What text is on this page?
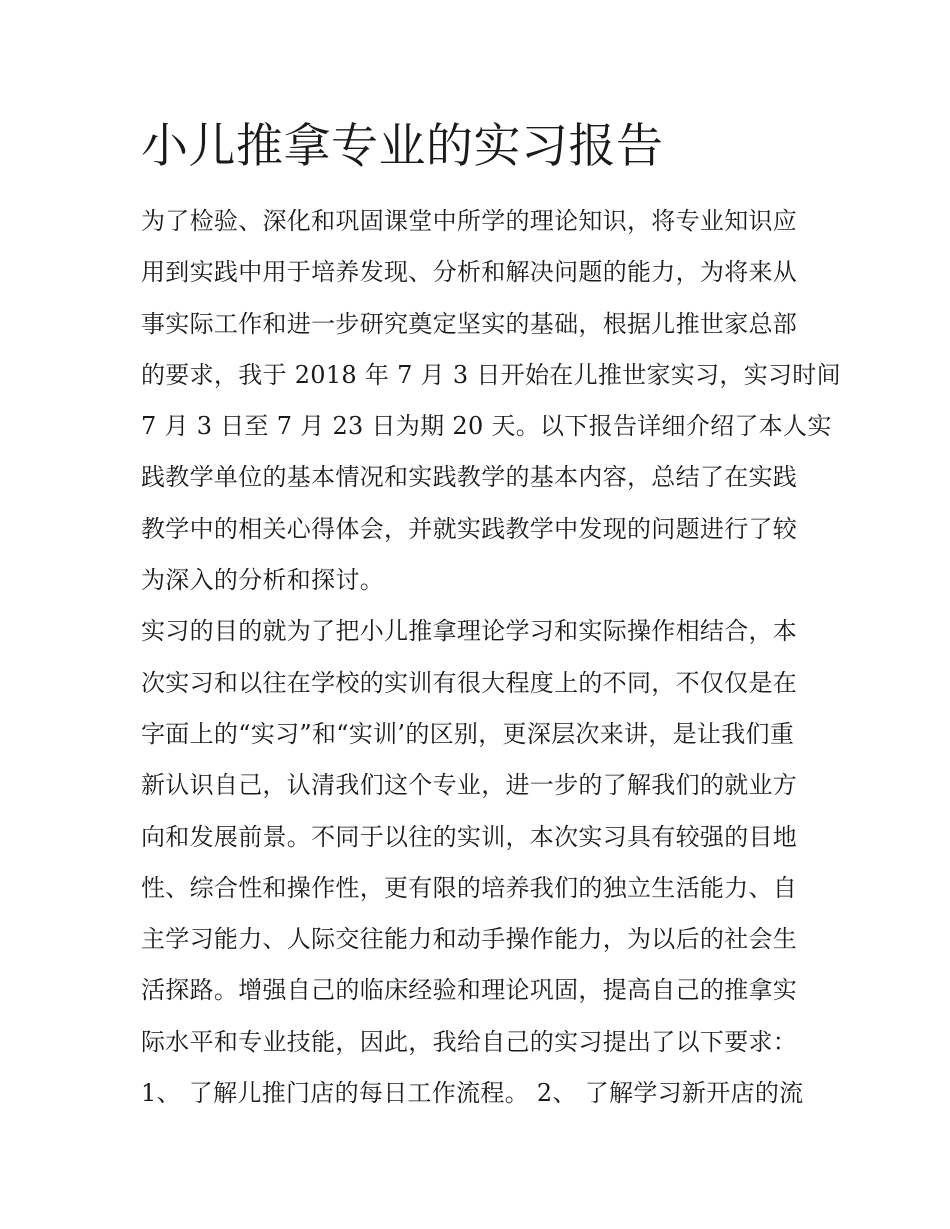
小儿推拿专业的实习报告
为了检验、深化和巩固课堂中所学的理论知识，将专业知识应
用到实践中用于培养发现、分析和解决问题的能力，为将来从
事实际工作和进一步研究奠定坚实的基础，根据儿推世家总部
的要求，我于 2018 年 7 月 3 日开始在儿推世家实习，实习时间
7 月 3 日至 7 月 23 日为期 20 天。以下报告详细介绍了本人实
践教学单位的基本情况和实践教学的基本内容，总结了在实践
教学中的相关心得体会，并就实践教学中发现的问题进行了较
为深入的分析和探讨。
实习的目的就为了把小儿推拿理论学习和实际操作相结合，本
次实习和以往在学校的实训有很大程度上的不同，不仅仅是在
字面上的“实习”和“实训’的区别，更深层次来讲，是让我们重
新认识自己，认清我们这个专业，进一步的了解我们的就业方
向和发展前景。不同于以往的实训，本次实习具有较强的目地
性、综合性和操作性，更有限的培养我们的独立生活能力、自
主学习能力、人际交往能力和动手操作能力，为以后的社会生
活探路。增强自己的临床经验和理论巩固，提高自己的推拿实
际水平和专业技能，因此，我给自己的实习提出了以下要求：
1、 了解儿推门店的每日工作流程。 2、 了解学习新开店的流
